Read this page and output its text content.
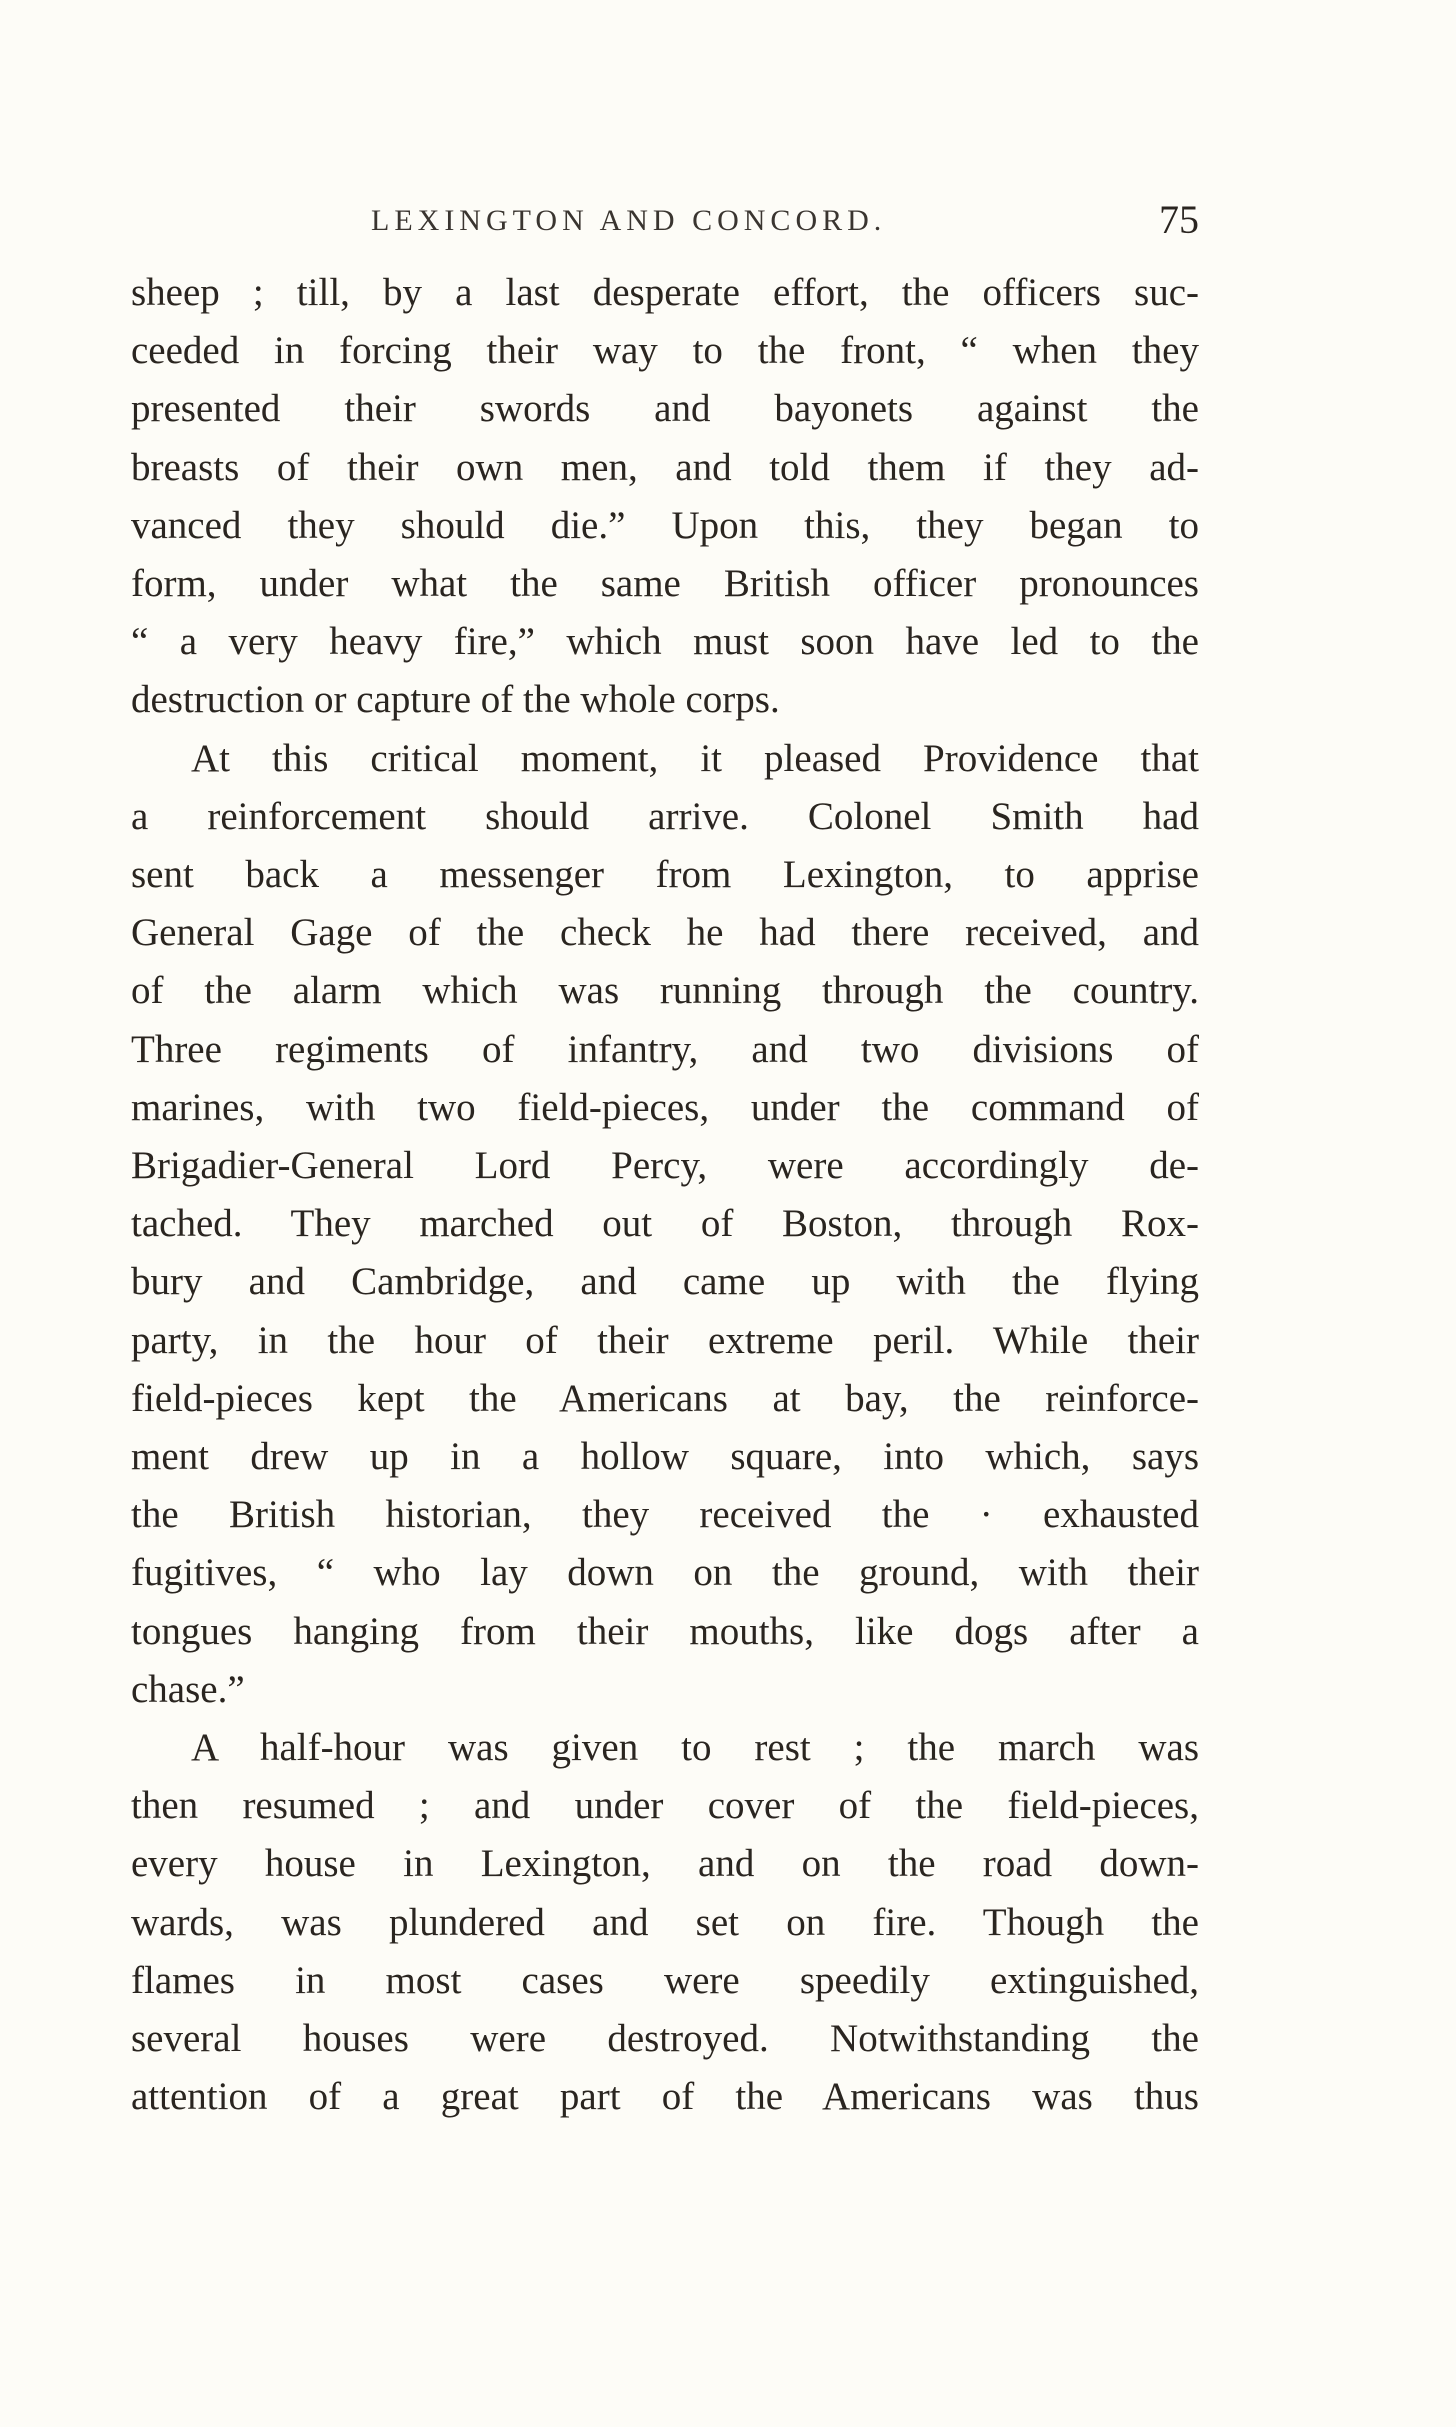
LEXINGTON AND CONCORD.	75
sheep ; till, by a last desperate effort, the officers suc-
ceeded in forcing their way to the front, “ when they
presented their swords and bayonets against the
breasts of their own men, and told them if they ad-
vanced they should die.” Upon this, they began to
form, under what the same British officer pronounces
“ a very heavy fire,” which must soon have led to the
destruction or capture of the whole corps.
At this critical moment, it pleased Providence that
a reinforcement should arrive. Colonel Smith had
sent back a messenger from Lexington, to apprise
General Gage of the check he had there received, and
of the alarm which was running through the country.
Three regiments of infantry, and two divisions of
marines, with two field-pieces, under the command of
Brigadier-General Lord Percy, were accordingly de-
tached. They marched out of Boston, through Rox-
bury and Cambridge, and came up with the flying
party, in the hour of their extreme peril. While their
field-pieces kept the Americans at bay, the reinforce-
ment drew up in a hollow square, into which, says
the British historian, they received the · exhausted
fugitives, “ who lay down on the ground, with their
tongues hanging from their mouths, like dogs after a
chase.”
A half-hour was given to rest ; the march was
then resumed ; and under cover of the field-pieces,
every house in Lexington, and on the road down-
wards, was plundered and set on fire. Though the
flames in most cases were speedily extinguished,
several houses were destroyed. Notwithstanding the
attention of a great part of the Americans was thus
